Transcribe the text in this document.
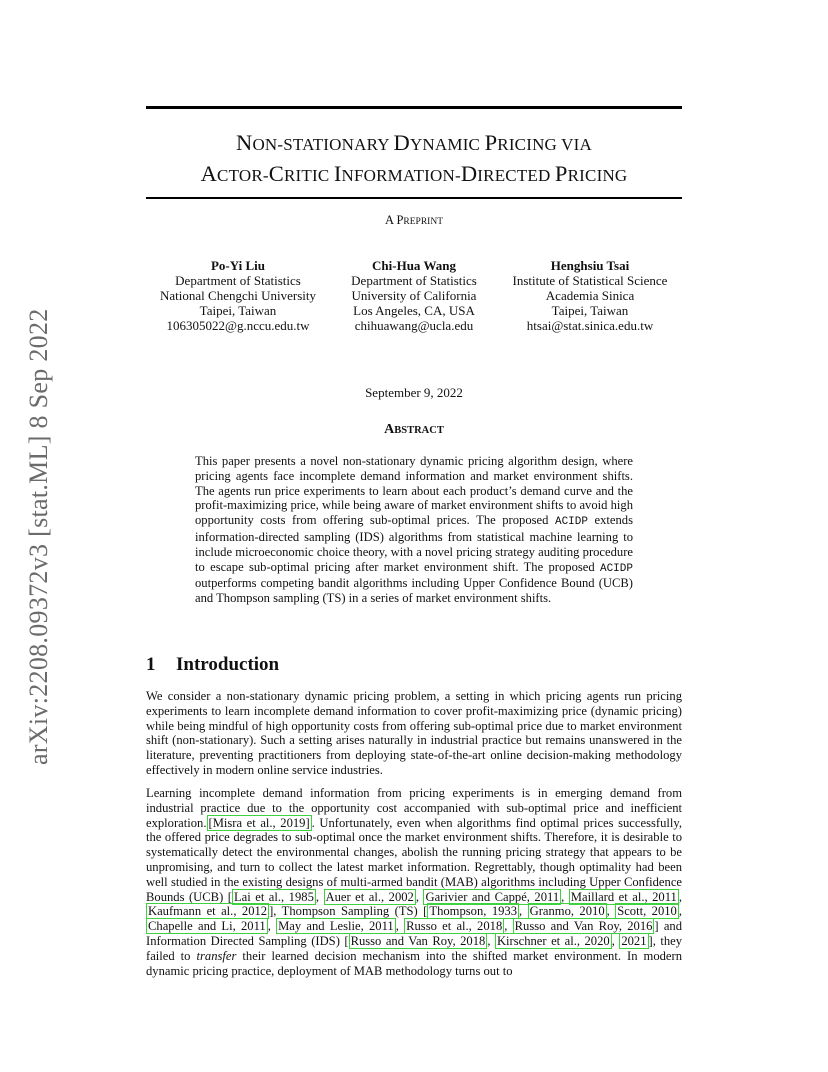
arXiv:2208.09372v3 [stat.ML] 8 Sep 2022
NON-STATIONARY DYNAMIC PRICING VIA
ACTOR-CRITIC INFORMATION-DIRECTED PRICING
A PREPRINT
Po-Yi Liu
Department of Statistics
National Chengchi University
Taipei, Taiwan
106305022@g.nccu.edu.tw
Chi-Hua Wang
Department of Statistics
University of California
Los Angeles, CA, USA
chihuawang@ucla.edu
Henghsiu Tsai
Institute of Statistical Science
Academia Sinica
Taipei, Taiwan
htsai@stat.sinica.edu.tw
September 9, 2022
ABSTRACT
This paper presents a novel non-stationary dynamic pricing algorithm design, where pricing agents face incomplete demand information and market environment shifts. The agents run price experiments to learn about each product’s demand curve and the profit-maximizing price, while being aware of market environment shifts to avoid high opportunity costs from offering sub-optimal prices. The proposed ACIDP extends information-directed sampling (IDS) algorithms from statistical machine learning to include microeconomic choice theory, with a novel pricing strategy auditing procedure to escape sub-optimal pricing after market environment shift. The proposed ACIDP outperforms competing bandit algorithms including Upper Confidence Bound (UCB) and Thompson sampling (TS) in a series of market environment shifts.
1 Introduction
We consider a non-stationary dynamic pricing problem, a setting in which pricing agents run pricing experiments to learn incomplete demand information to cover profit-maximizing price (dynamic pricing) while being mindful of high opportunity costs from offering sub-optimal price due to market environment shift (non-stationary). Such a setting arises naturally in industrial practice but remains unanswered in the literature, preventing practitioners from deploying state-of-the-art online decision-making methodology effectively in modern online service industries.
Learning incomplete demand information from pricing experiments is in emerging demand from industrial practice due to the opportunity cost accompanied with sub-optimal price and inefficient exploration. [Misra et al., 2019] . Unfortunately, even when algorithms find optimal prices successfully, the offered price degrades to sub-optimal once the market environment shifts. Therefore, it is desirable to systematically detect the environmental changes, abolish the running pricing strategy that appears to be unpromising, and turn to collect the latest market information. Regrettably, though optimality had been well studied in the existing designs of multi-armed bandit (MAB) algorithms including Upper Confidence Bounds (UCB) [ Lai et al., 1985 , Auer et al., 2002 , Garivier and Cappé, 2011 , Maillard et al., 2011 , Kaufmann et al., 2012 ], Thompson Sampling (TS) [ Thompson, 1933 , Granmo, 2010 , Scott, 2010 , Chapelle and Li, 2011 , May and Leslie, 2011 , Russo et al., 2018 , Russo and Van Roy, 2016 ] and Information Directed Sampling (IDS) [ Russo and Van Roy, 2018 , Kirschner et al., 2020 , 2021 ], they failed to transfer their learned decision mechanism into the shifted market environment. In modern dynamic pricing practice, deployment of MAB methodology turns out to
